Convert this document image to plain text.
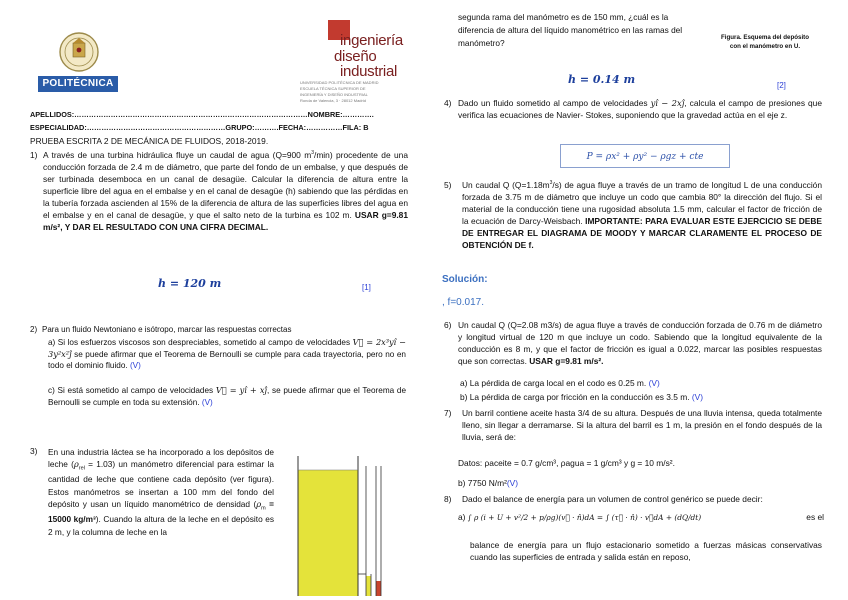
POLITÉCNICA
APELLIDOS:……………………………………………………………………………………NOMBRE:………….
ESPECIALIDAD:…………………………………………………GRUPO:……….FECHA:……………FILA: B
PRUEBA ESCRITA 2 DE MECÁNICA DE FLUIDOS, 2018-2019.
1) A través de una turbina hidráulica fluye un caudal de agua (Q=900 $m^3/\min$) procedente de una conducción forzada de 2.4 m de diámetro, que parte del fondo de un embalse, y que después de ser turbinada desemboca en un canal de desagüe. Calcular la diferencia de altura entre la superficie libre del agua en el embalse y en el canal de desagüe (h) sabiendo que las pérdidas en la tubería forzada ascienden al 15% de la diferencia de altura de las superficies libres del agua en el embalse y en el canal de desagüe, y que el salto neto de la turbina es 102 m. USAR g=9.81 m/s², Y DAR EL RESULTADO CON UNA CIFRA DECIMAL.

h = 120 m	[1]
2) Para un fluido Newtoniano e isótropo, marcar las respuestas correctas
a) Si los esfuerzos viscosos son despreciables, sometido al campo de velocidades V⃗ = 2x³yî − 3y²x²ĵ se puede afirmar que el Teorema de Bernoulli se cumple para cada trayectoria, pero no en todo el dominio fluido. (V)
c) Si está sometido al campo de velocidades V⃗ = yî + xĵ, se puede afirmar que el Teorema de Bernoulli se cumple en toda su extensión. (V)
3) En una industria láctea se ha incorporado a los depósitos de leche $(\rho_{rel} = 1.03)$ un manómetro diferencial para estimar la cantidad de leche que contiene cada depósito (ver figura). Estos manómetros se insertan a 100 mm del fondo del depósito y usan un líquido manométrico de densidad ($\rho_m = 15000$ kg/m³). Cuando la altura de la leche en el depósito es 2 m, y la columna de leche en la
ingeniería
diseño
industrial
UNIVERSIDAD POLITÉCNICA DE MADRID
ESCUELA TÉCNICA SUPERIOR DE
INGENIERÍA Y DISEÑO INDUSTRIAL
Ronda de Valencia, 3 · 28012 Madrid
segunda rama del manómetro es de 150 mm, ¿cuál es la diferencia de altura del líquido manométrico en las ramas del manómetro?
Figura. Esquema del depósito
con el manómetro en U.
h = 0.14 m	[2]
4) Dado un fluido sometido al campo de velocidades yî − 2xĵ, calcula el campo de presiones que verifica las ecuaciones de Navier- Stokes, suponiendo que la gravedad actúa en el eje z.
P = ρx² + ρy² − ρgz + cte
5) Un caudal Q $(Q=1.18m^3/s)$ de agua fluye a través de un tramo de longitud L de una conducción forzada de 3.75 m de diámetro que incluye un codo que cambia 80° la dirección del flujo. Si el material de la conducción tiene una rugosidad absoluta 1.5 mm, calcular el factor de fricción de la ecuación de Darcy-Weisbach. IMPORTANTE: PARA EVALUAR ESTE EJERCICIO SE DEBE DE ENTREGAR EL DIAGRAMA DE MOODY Y MARCAR CLARAMENTE EL PROCESO DE OBTENCIÓN DE f.
Solución:
, f=0.017.
6) Un caudal Q (Q=2.08 m3/s) de agua fluye a través de conducción forzada de 0.76 m de diámetro y longitud virtual de 120 m que incluye un codo. Sabiendo que la longitud equivalente de la conducción es 8 m, y que el factor de fricción es igual a 0.022, marcar las posibles respuestas que son correctas. USAR g=9.81 m/s².
a) La pérdida de carga local en el codo es 0.25 m. (V)
b) La pérdida de carga por fricción en la conducción es 3.5 m. (V)
7) Un barril contiene aceite hasta 3/4 de su altura. Después de una lluvia intensa, queda totalmente lleno, sin llegar a derramarse. Si la altura del barril es 1 m, la presión en el fondo después de la lluvia, será de:
Datos: ρaceite = 0.7 g/cm³, ρagua = 1 g/cm³ y g = 10 m/s².
b) 7750 N/m²(V)
8) Dado el balance de energía para un volumen de control genérico se puede decir:
a) ∫ ρ (i + U + v²/2 + p/ρg)(v⃗ · n̂)dA = ∫ (τ⃗ · n̂) · v⃗dA + (dQ/dt)	es el
balance de energía para un flujo estacionario sometido a fuerzas másicas conservativas cuando las superficies de entrada y salida están en reposo,
